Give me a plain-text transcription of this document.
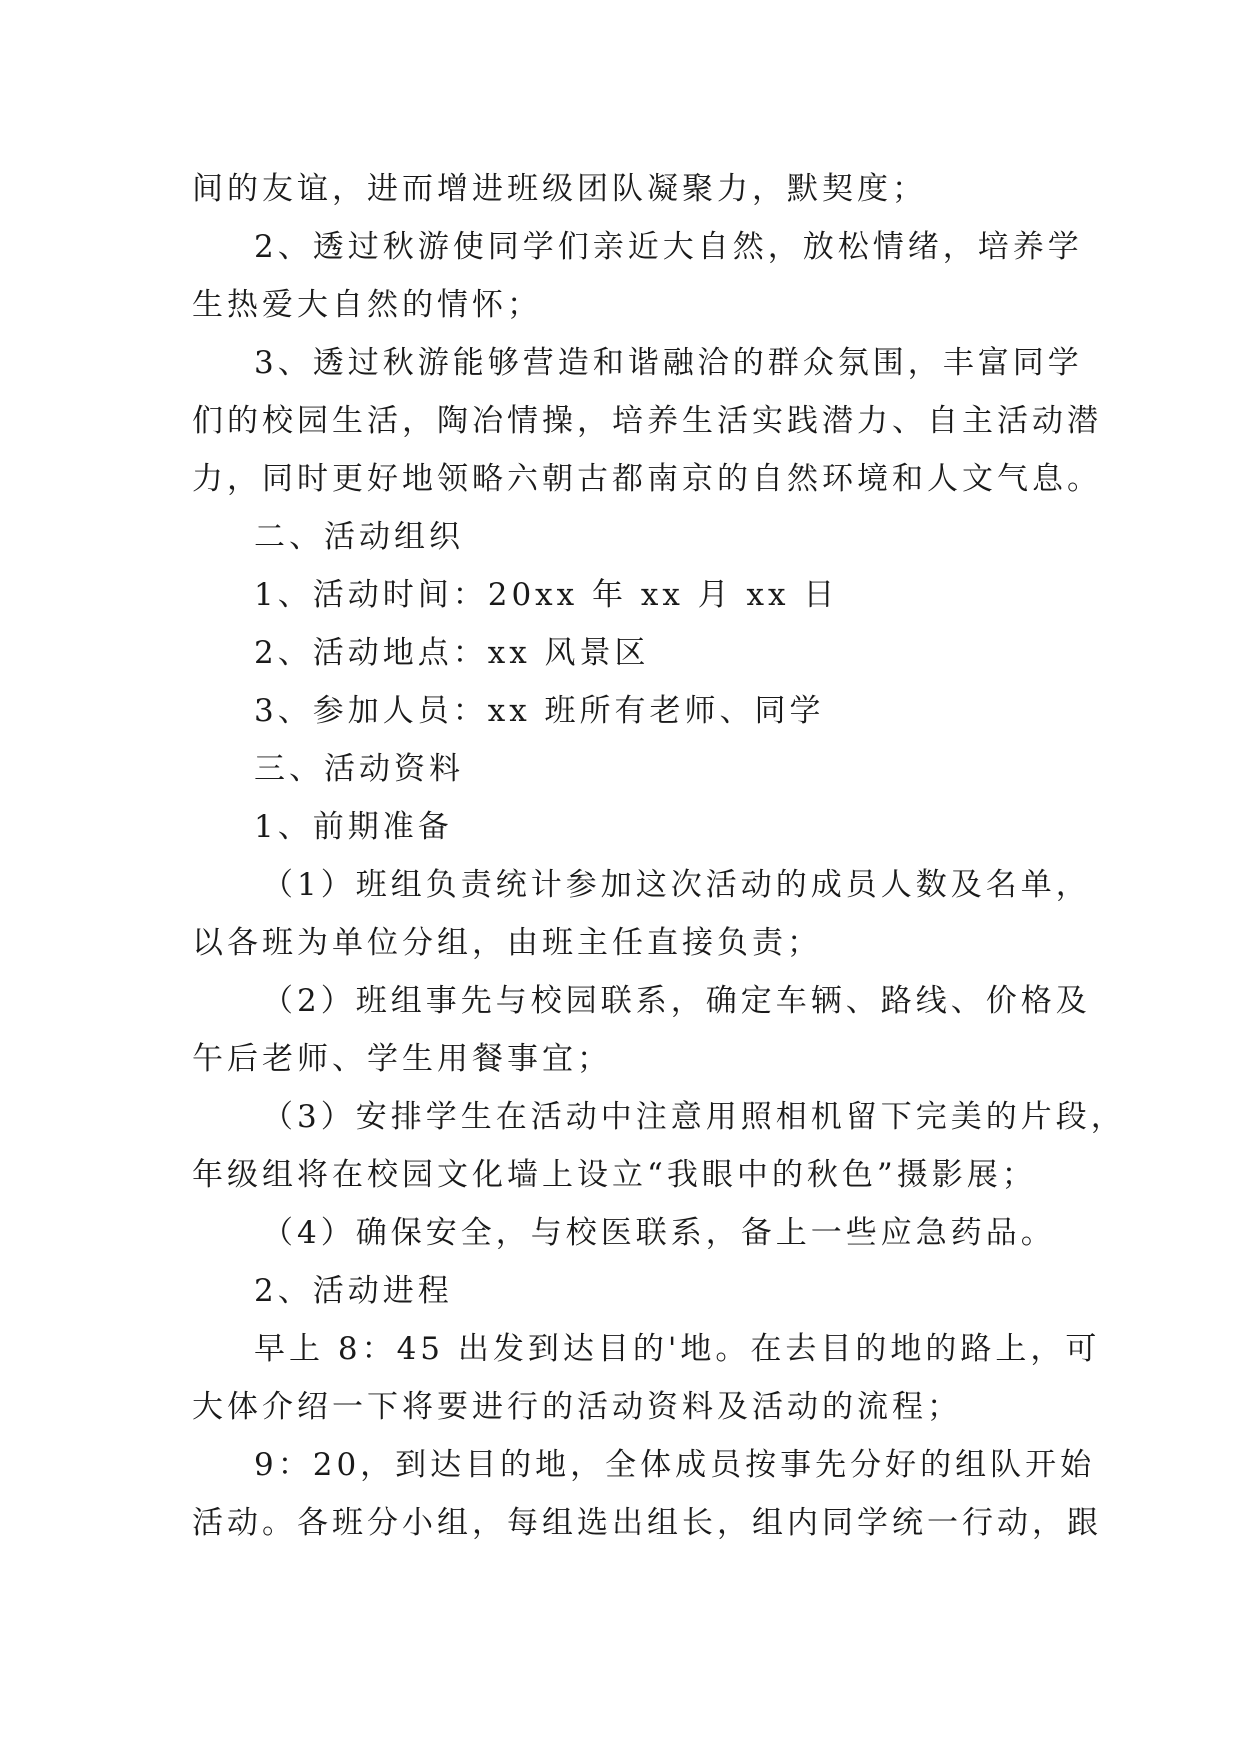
间的友谊，进而增进班级团队凝聚力，默契度；
2、透过秋游使同学们亲近大自然，放松情绪，培养学
生热爱大自然的情怀；
3、透过秋游能够营造和谐融洽的群众氛围，丰富同学
们的校园生活，陶冶情操，培养生活实践潜力、自主活动潜
力，同时更好地领略六朝古都南京的自然环境和人文气息。
二、活动组织
1、活动时间：20xx 年 xx 月 xx 日
2、活动地点：xx 风景区
3、参加人员：xx 班所有老师、同学
三、活动资料
1、前期准备
（1）班组负责统计参加这次活动的成员人数及名单，
以各班为单位分组，由班主任直接负责；
（2）班组事先与校园联系，确定车辆、路线、价格及
午后老师、学生用餐事宜；
（3）安排学生在活动中注意用照相机留下完美的片段，
年级组将在校园文化墙上设立“我眼中的秋色”摄影展；
（4）确保安全，与校医联系，备上一些应急药品。
2、活动进程
早上 8：45 出发到达目的'地。在去目的地的路上，可
大体介绍一下将要进行的活动资料及活动的流程；
9：20，到达目的地，全体成员按事先分好的组队开始
活动。各班分小组，每组选出组长，组内同学统一行动，跟
